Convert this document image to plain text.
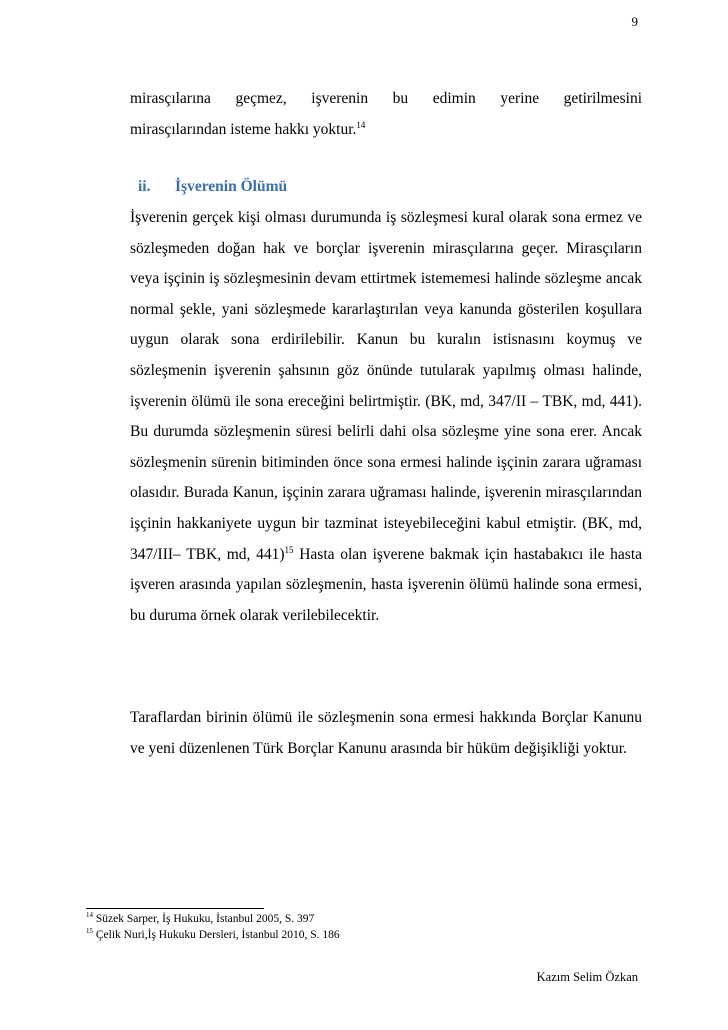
9
mirasçılarına geçmez, işverenin bu edimin yerine getirilmesini
mirasçılarından isteme hakkı yoktur.$^{14}$
ii. İşverenin Ölümü
İşverenin gerçek kişi olması durumunda iş sözleşmesi kural olarak sona ermez ve sözleşmeden doğan hak ve borçlar işverenin mirasçılarına geçer. Mirasçıların veya işçinin iş sözleşmesinin devam ettirtmek istememesi halinde sözleşme ancak normal şekle, yani sözleşmede kararlaştırılan veya kanunda gösterilen koşullara uygun olarak sona erdirilebilir. Kanun bu kuralın istisnasını koymuş ve sözleşmenin işverenin şahsının göz önünde tutularak yapılmış olması halinde, işverenin ölümü ile sona ereceğini belirtmiştir. (BK, md, 347/II – TBK, md, 441). Bu durumda sözleşmenin süresi belirli dahi olsa sözleşme yine sona erer. Ancak sözleşmenin sürenin bitiminden önce sona ermesi halinde işçinin zarara uğraması olasıdır. Burada Kanun, işçinin zarara uğraması halinde, işverenin mirasçılarından işçinin hakkaniyete uygun bir tazminat isteyebileceğini kabul etmiştir. (BK, md, 347/III– TBK, md, 441)$^{15}$ Hasta olan işverene bakmak için hastabakıcı ile hasta işveren arasında yapılan sözleşmenin, hasta işverenin ölümü halinde sona ermesi, bu duruma örnek olarak verilebilecektir.
Taraflardan birinin ölümü ile sözleşmenin sona ermesi hakkında Borçlar Kanunu ve yeni düzenlenen Türk Borçlar Kanunu arasında bir hüküm değişikliği yoktur.
$^{14}$ Süzek Sarper, İş Hukuku, İstanbul 2005, S. 397
$^{15}$ Çelik Nuri,İş Hukuku Dersleri, İstanbul 2010, S. 186
Kazım Selim Özkan
